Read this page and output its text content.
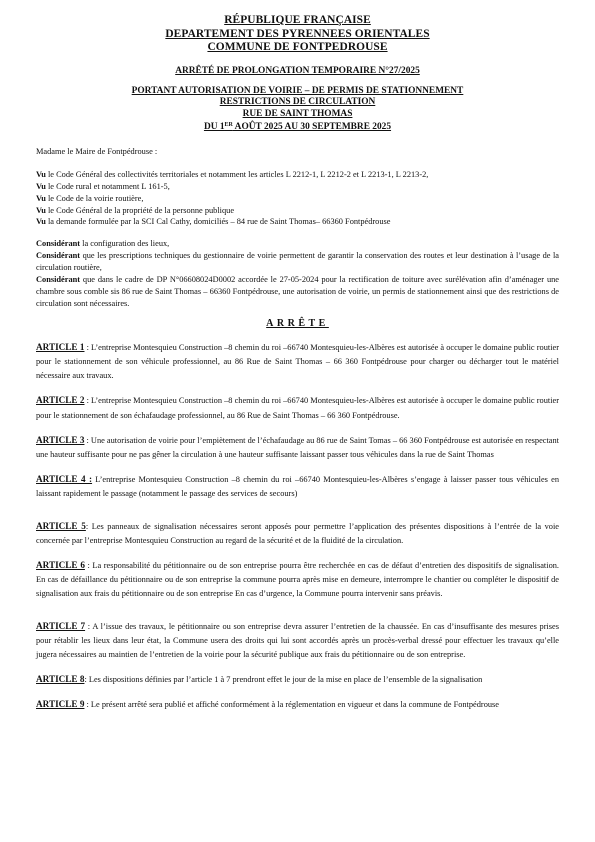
RÉPUBLIQUE FRANÇAISE
DEPARTEMENT DES PYRENNEES ORIENTALES
COMMUNE DE FONTPEDROUSE
ARRÊTÉ DE PROLONGATION TEMPORAIRE N°27/2025
PORTANT AUTORISATION DE VOIRIE – DE PERMIS DE STATIONNEMENT
RESTRICTIONS DE CIRCULATION
RUE DE SAINT THOMAS
DU 1ER AOÛT 2025 AU 30 SEPTEMBRE 2025

Madame le Maire de Fontpédrouse :

Vu le Code Général des collectivités territoriales et notamment les articles L 2212-1, L 2212-2 et L 2213-1, L 2213-2,
Vu le Code rural et notamment L 161-5,
Vu le Code de la voirie routière,
Vu le Code Général de la propriété de la personne publique
Vu la demande formulée par la SCI Cal Cathy, domiciliés – 84 rue de Saint Thomas– 66360 Fontpédrouse

Considérant la configuration des lieux,

Considérant que les prescriptions techniques du gestionnaire de voirie permettent de garantir la conservation des routes et leur destination à l’usage de la circulation routière,

Considérant que dans le cadre de DP N°06608024D0002 accordée le 27-05-2024 pour la rectification de toiture avec surélévation afin d’aménager une chambre sous comble sis 86 rue de Saint Thomas – 66360 Fontpédrouse, une autorisation de voirie, un permis de stationnement ainsi que des restrictions de circulation sont nécessaires.

ARRÊTE

ARTICLE 1 : L’entreprise Montesquieu Construction –8 chemin du roi –66740 Montesquieu-les-Albères est autorisée à occuper le domaine public routier pour le stationnement de son véhicule professionnel, au 86 Rue de Saint Thomas – 66 360 Fontpédrouse pour charger ou décharger tout le matériel nécessaire aux travaux.

ARTICLE 2 : L’entreprise Montesquieu Construction –8 chemin du roi –66740 Montesquieu-les-Albères est autorisée à occuper le domaine public routier pour le stationnement de son échafaudage professionnel, au 86 Rue de Saint Thomas – 66 360 Fontpédrouse.

ARTICLE 3 : Une autorisation de voirie pour l’empiètement de l’échafaudage au 86 rue de Saint Tomas – 66 360 Fontpédrouse est autorisée en respectant une hauteur suffisante pour ne pas gêner la circulation à une hauteur suffisante laissant passer tous véhicules dans la rue de Saint Thomas

ARTICLE 4 : L’entreprise Montesquieu Construction –8 chemin du roi –66740 Montesquieu-les-Albères s’engage à laisser passer tous véhicules en laissant rapidement le passage (notamment le passage des services de secours)

ARTICLE 5: Les panneaux de signalisation nécessaires seront apposés pour permettre l’application des présentes dispositions à l’entrée de la voie concernée par l’entreprise Montesquieu Construction au regard de la sécurité et de la fluidité de la circulation.

ARTICLE 6 : La responsabilité du pétitionnaire ou de son entreprise pourra être recherchée en cas de défaut d’entretien des dispositifs de signalisation. En cas de défaillance du pétitionnaire ou de son entreprise la commune pourra après mise en demeure, interrompre le chantier ou compléter le dispositif de signalisation aux frais du pétitionnaire ou de son entreprise En cas d’urgence, la Commune pourra intervenir sans préavis.

ARTICLE 7 : A l’issue des travaux, le pétitionnaire ou son entreprise devra assurer l’entretien de la chaussée. En cas d’insuffisante des mesures prises pour rétablir les lieux dans leur état, la Commune usera des droits qui lui sont accordés après un procès-verbal dressé pour effectuer les travaux qu’elle jugera nécessaires au maintien de l’entretien de la voirie pour la sécurité publique aux frais du pétitionnaire ou de son entreprise.

ARTICLE 8: Les dispositions définies par l’article 1 à 7 prendront effet le jour de la mise en place de l’ensemble de la signalisation

ARTICLE 9 : Le présent arrêté sera publié et affiché conformément à la réglementation en vigueur et dans la commune de Fontpédrouse
